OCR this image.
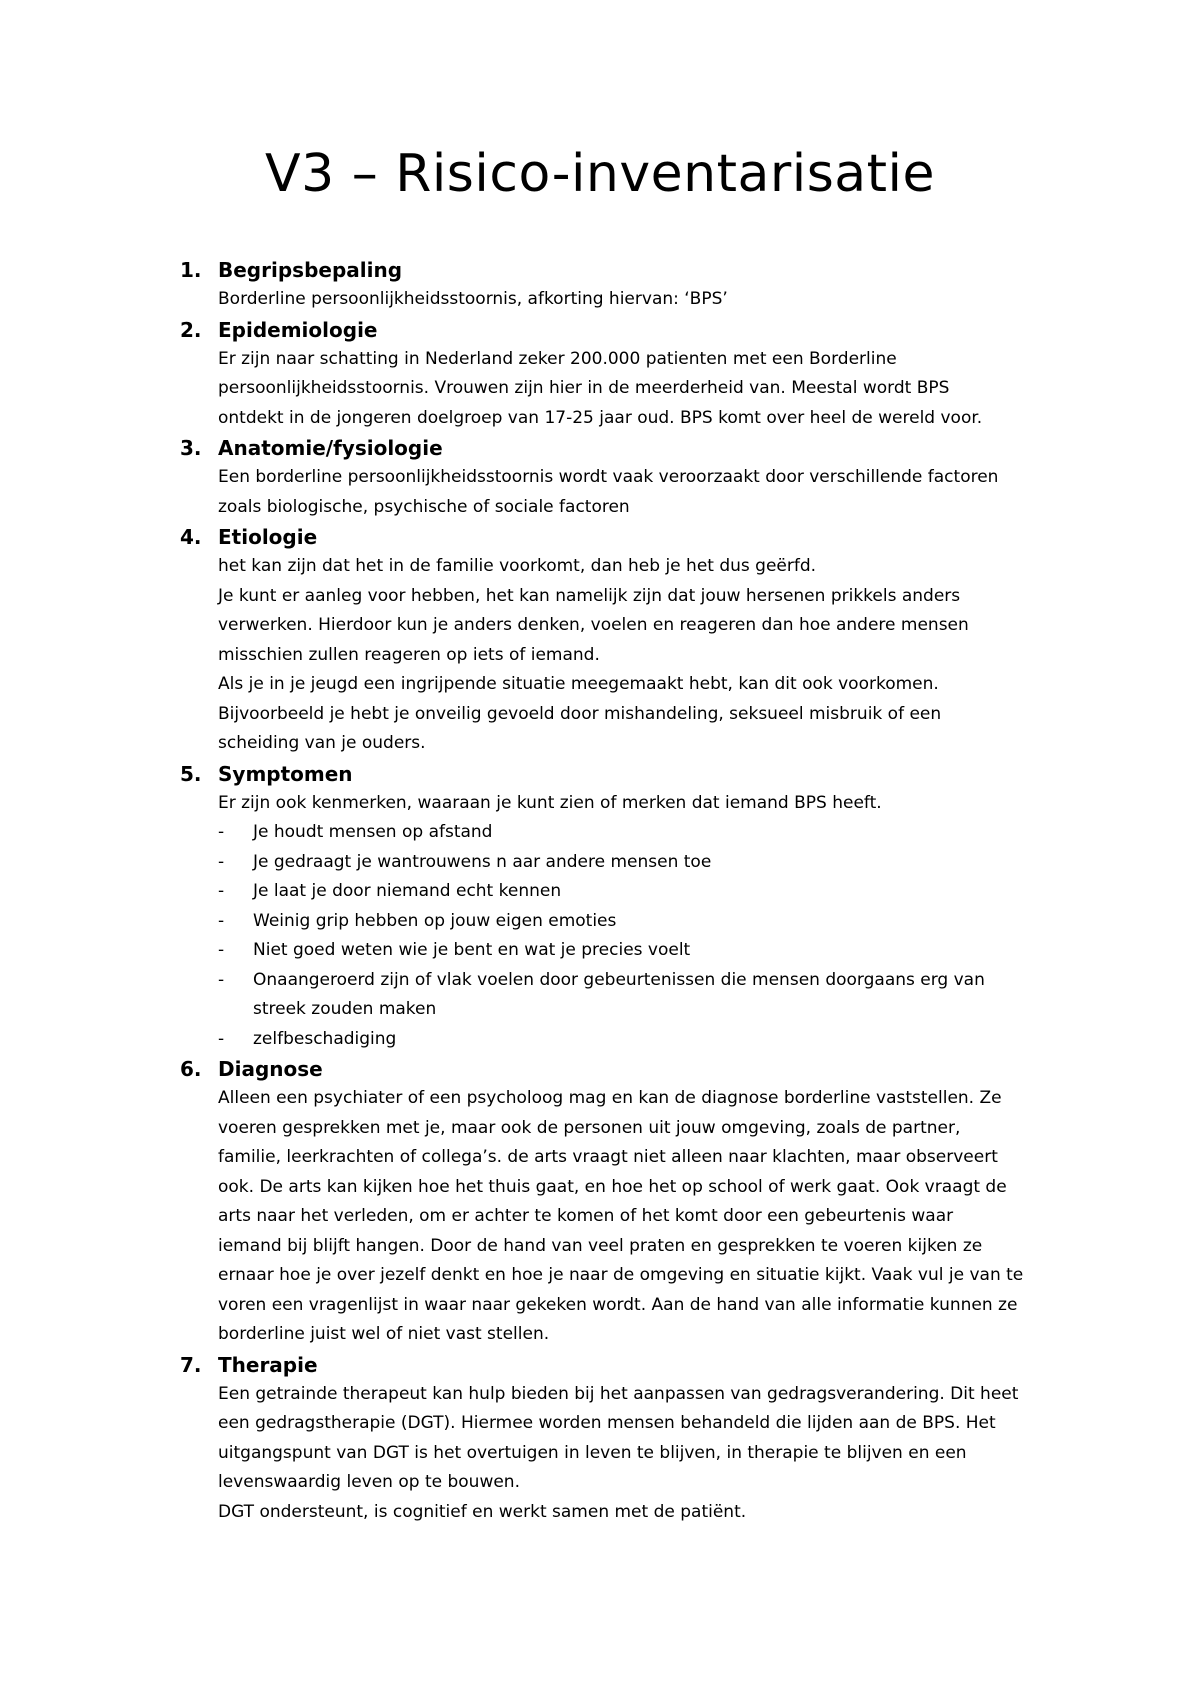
V3 – Risico-inventarisatie
1. Begripsbepaling
Borderline persoonlijkheidsstoornis, afkorting hiervan: ‘BPS’
2. Epidemiologie
Er zijn naar schatting in Nederland zeker 200.000 patienten met een Borderline
persoonlijkheidsstoornis. Vrouwen zijn hier in de meerderheid van. Meestal wordt BPS
ontdekt in de jongeren doelgroep van 17-25 jaar oud. BPS komt over heel de wereld voor.
3. Anatomie/fysiologie
Een borderline persoonlijkheidsstoornis wordt vaak veroorzaakt door verschillende factoren
zoals biologische, psychische of sociale factoren
4. Etiologie
het kan zijn dat het in de familie voorkomt, dan heb je het dus geërfd.
Je kunt er aanleg voor hebben, het kan namelijk zijn dat jouw hersenen prikkels anders
verwerken. Hierdoor kun je anders denken, voelen en reageren dan hoe andere mensen
misschien zullen reageren op iets of iemand.
Als je in je jeugd een ingrijpende situatie meegemaakt hebt, kan dit ook voorkomen.
Bijvoorbeeld je hebt je onveilig gevoeld door mishandeling, seksueel misbruik of een
scheiding van je ouders.
5. Symptomen
Er zijn ook kenmerken, waaraan je kunt zien of merken dat iemand BPS heeft.
- Je houdt mensen op afstand
- Je gedraagt je wantrouwens n aar andere mensen toe
- Je laat je door niemand echt kennen
- Weinig grip hebben op jouw eigen emoties
- Niet goed weten wie je bent en wat je precies voelt
- Onaangeroerd zijn of vlak voelen door gebeurtenissen die mensen doorgaans erg van
streek zouden maken
- zelfbeschadiging
6. Diagnose
Alleen een psychiater of een psycholoog mag en kan de diagnose borderline vaststellen. Ze
voeren gesprekken met je, maar ook de personen uit jouw omgeving, zoals de partner,
familie, leerkrachten of collega’s. de arts vraagt niet alleen naar klachten, maar observeert
ook. De arts kan kijken hoe het thuis gaat, en hoe het op school of werk gaat. Ook vraagt de
arts naar het verleden, om er achter te komen of het komt door een gebeurtenis waar
iemand bij blijft hangen. Door de hand van veel praten en gesprekken te voeren kijken ze
ernaar hoe je over jezelf denkt en hoe je naar de omgeving en situatie kijkt. Vaak vul je van te
voren een vragenlijst in waar naar gekeken wordt. Aan de hand van alle informatie kunnen ze
borderline juist wel of niet vast stellen.
7. Therapie
Een getrainde therapeut kan hulp bieden bij het aanpassen van gedragsverandering. Dit heet
een gedragstherapie (DGT). Hiermee worden mensen behandeld die lijden aan de BPS. Het
uitgangspunt van DGT is het overtuigen in leven te blijven, in therapie te blijven en een
levenswaardig leven op te bouwen.
DGT ondersteunt, is cognitief en werkt samen met de patiënt.
